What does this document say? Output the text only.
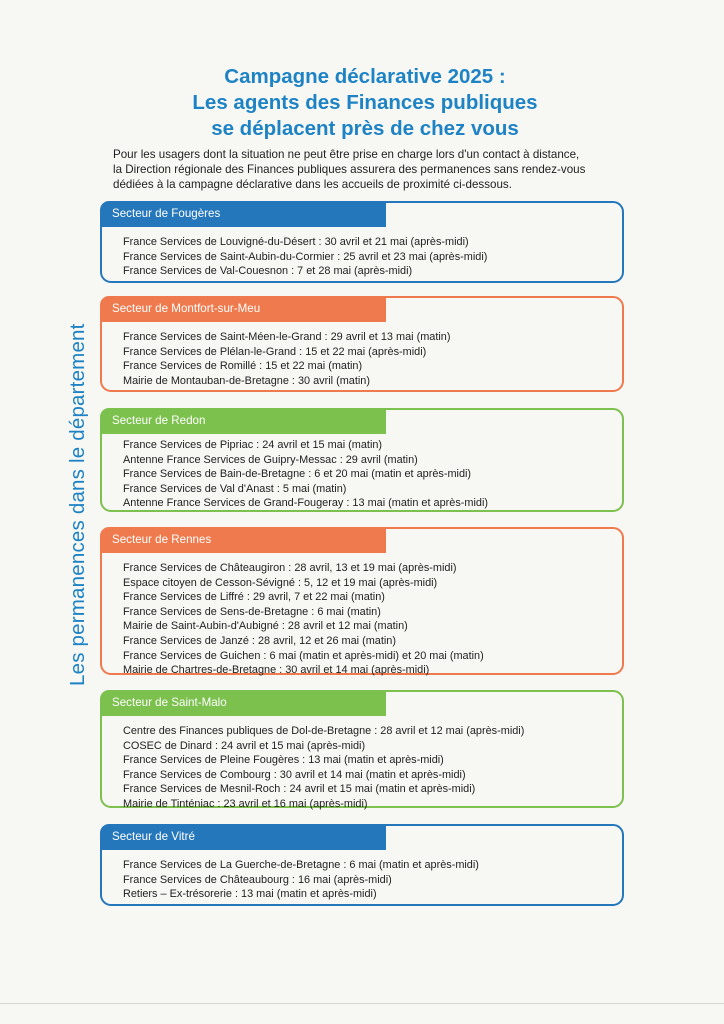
Campagne déclarative 2025 :
Les agents des Finances publiques
se déplacent près de chez vous
Pour les usagers dont la situation ne peut être prise en charge lors d'un contact à distance,
la Direction régionale des Finances publiques assurera des permanences sans rendez-vous
dédiées à la campagne déclarative dans les accueils de proximité ci-dessous.
Les permanences dans le département
Secteur de Fougères
France Services de Louvigné-du-Désert : 30 avril et 21 mai (après-midi)
France Services de Saint-Aubin-du-Cormier : 25 avril et 23 mai (après-midi)
France Services de Val-Couesnon : 7 et 28 mai (après-midi)
Secteur de Montfort-sur-Meu
France Services de Saint-Méen-le-Grand : 29 avril et 13 mai (matin)
France Services de Plélan-le-Grand : 15 et 22 mai (après-midi)
France Services de Romillé : 15 et 22 mai (matin)
Mairie de Montauban-de-Bretagne : 30 avril (matin)
Secteur de Redon
France Services de Pipriac : 24 avril et 15 mai (matin)
Antenne France Services de Guipry-Messac : 29 avril (matin)
France Services de Bain-de-Bretagne : 6 et 20 mai (matin et après-midi)
France Services de Val d'Anast : 5 mai (matin)
Antenne France Services de Grand-Fougeray : 13 mai (matin et après-midi)
Secteur de Rennes
France Services de Châteaugiron : 28 avril, 13 et 19 mai (après-midi)
Espace citoyen de Cesson-Sévigné : 5, 12 et 19 mai (après-midi)
France Services de Liffré : 29 avril, 7 et 22 mai (matin)
France Services de Sens-de-Bretagne : 6 mai (matin)
Mairie de Saint-Aubin-d'Aubigné : 28 avril et 12 mai (matin)
France Services de Janzé : 28 avril, 12 et 26 mai (matin)
France Services de Guichen : 6 mai (matin et après-midi) et 20 mai (matin)
Mairie de Chartres-de-Bretagne : 30 avril et 14 mai (après-midi)
Secteur de Saint-Malo
Centre des Finances publiques de Dol-de-Bretagne : 28 avril et 12 mai (après-midi)
COSEC de Dinard : 24 avril et 15 mai (après-midi)
France Services de Pleine Fougères : 13 mai (matin et après-midi)
France Services de Combourg : 30 avril et 14 mai (matin et après-midi)
France Services de Mesnil-Roch : 24 avril et 15 mai (matin et après-midi)
Mairie de Tinténiac : 23 avril et 16 mai (après-midi)
Secteur de Vitré
France Services de La Guerche-de-Bretagne : 6 mai (matin et après-midi)
France Services de Châteaubourg : 16 mai (après-midi)
Retiers – Ex-trésorerie : 13 mai (matin et après-midi)
